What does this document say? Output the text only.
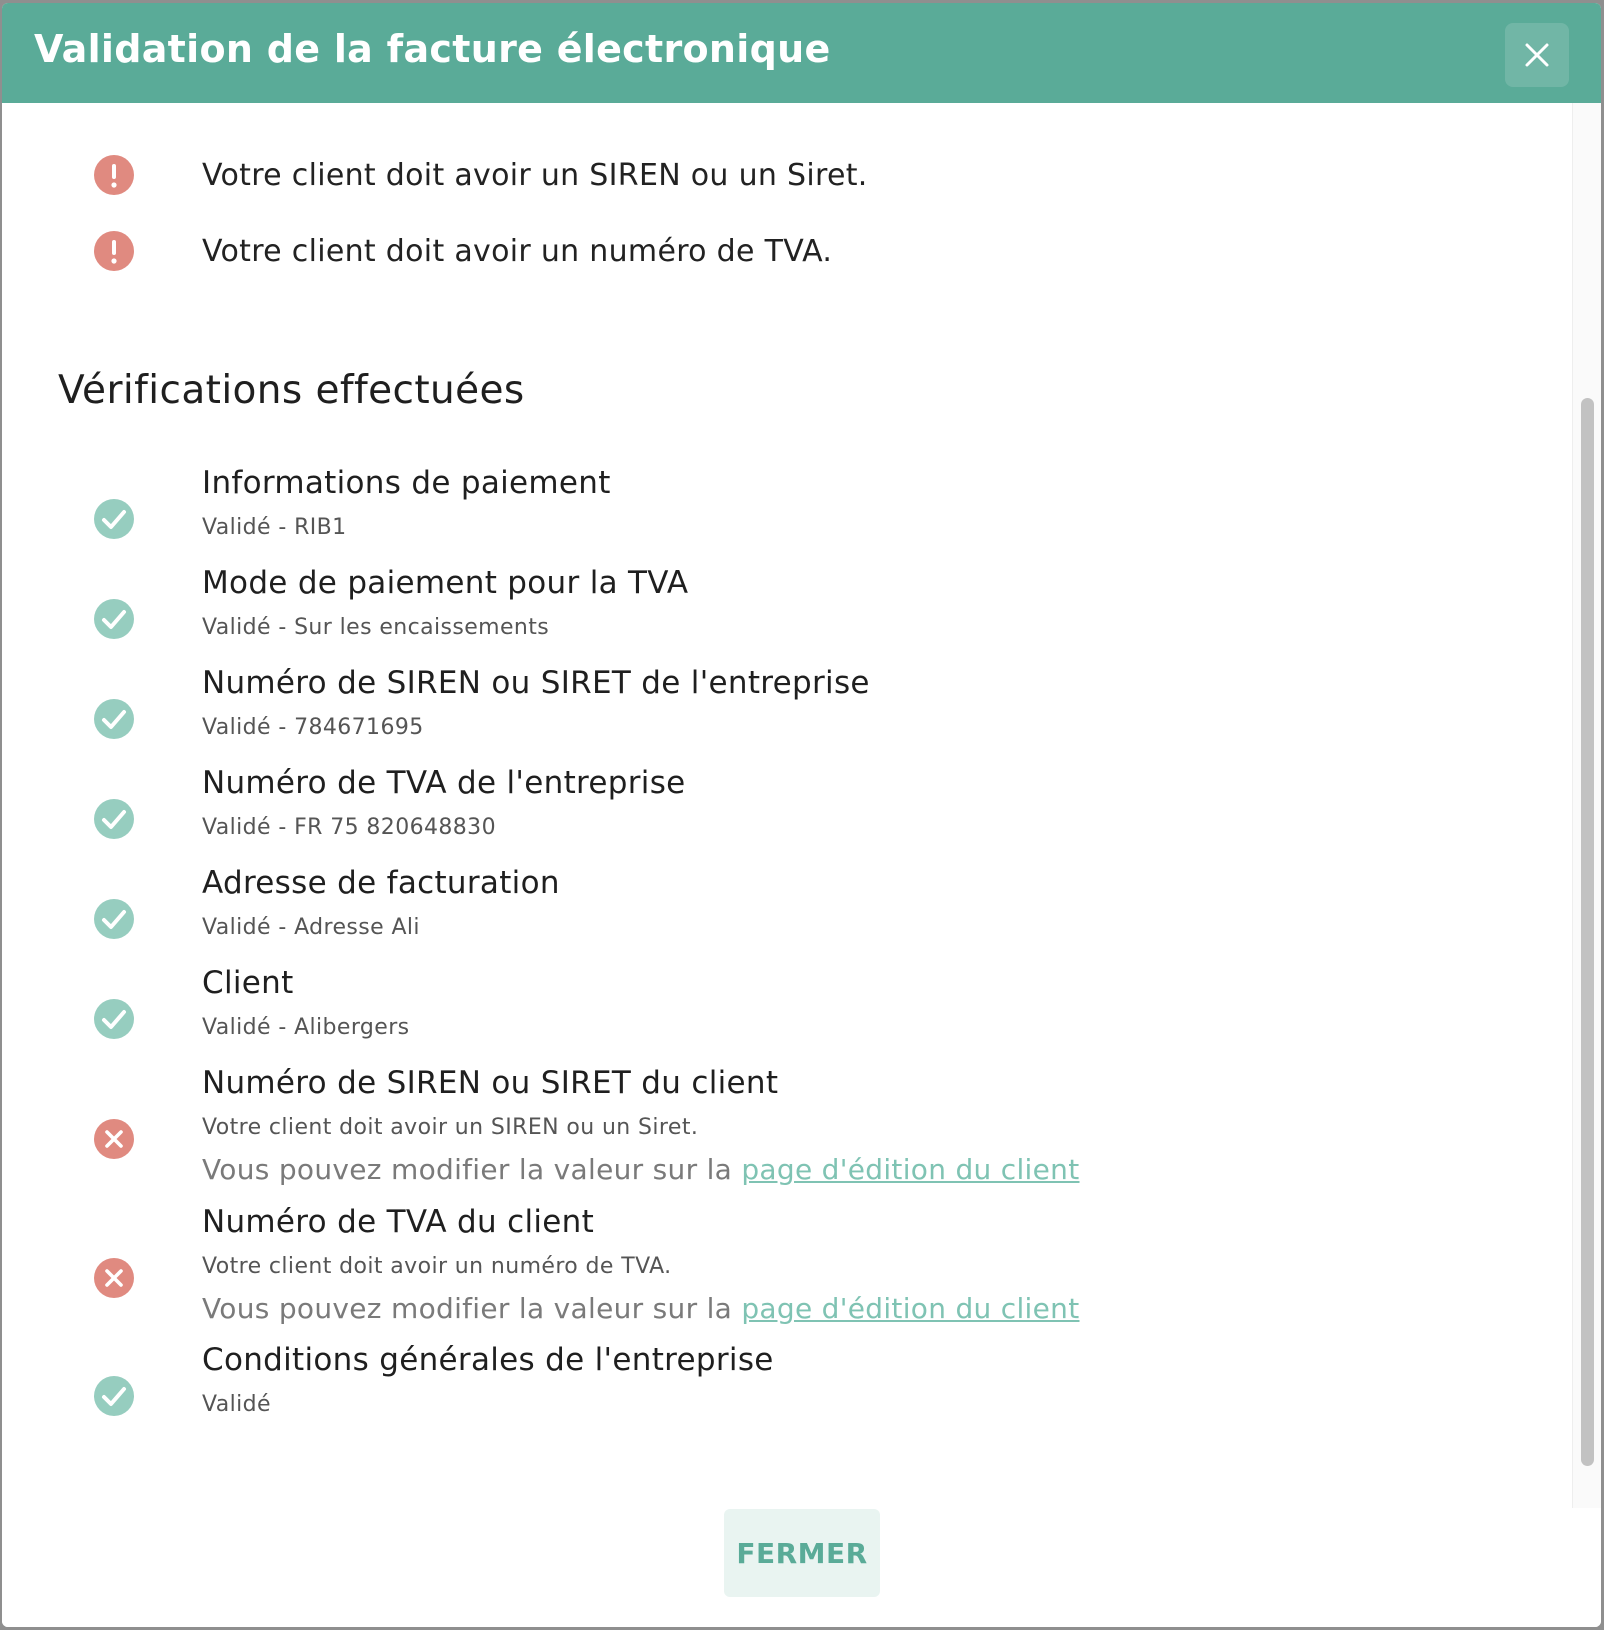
Validation de la facture électronique
Votre client doit avoir un SIREN ou un Siret.
Votre client doit avoir un numéro de TVA.
Vérifications effectuées
Informations de paiement
Validé - RIB1
Mode de paiement pour la TVA
Validé - Sur les encaissements
Numéro de SIREN ou SIRET de l'entreprise
Validé - 784671695
Numéro de TVA de l'entreprise
Validé - FR 75 820648830
Adresse de facturation
Validé - Adresse Ali
Client
Validé - Alibergers
Numéro de SIREN ou SIRET du client
Votre client doit avoir un SIREN ou un Siret.
Vous pouvez modifier la valeur sur la page d'édition du client
Numéro de TVA du client
Votre client doit avoir un numéro de TVA.
Vous pouvez modifier la valeur sur la page d'édition du client
Conditions générales de l'entreprise
Validé
FERMER
